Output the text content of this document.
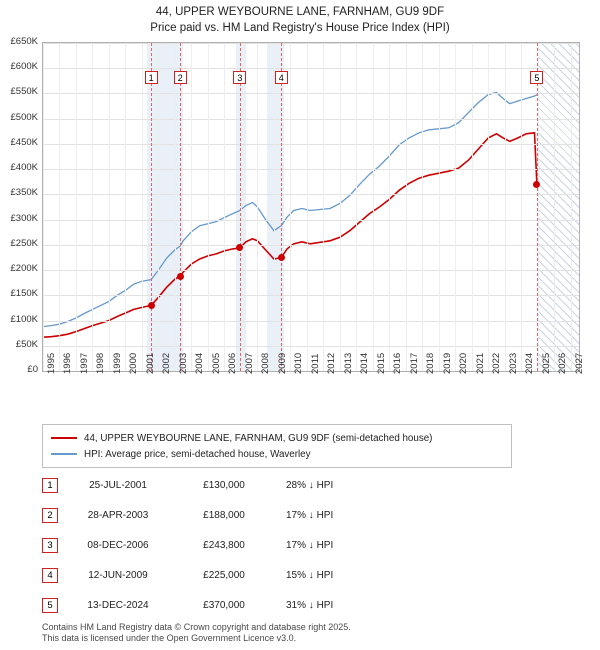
44, UPPER WEYBOURNE LANE, FARNHAM, GU9 9DF
Price paid vs. HM Land Registry's House Price Index (HPI)
1	2	3	4	5
£0
£50K
£100K
£150K
£200K
£250K
£300K
£350K
£400K
£450K
£500K
£550K
£600K
£650K
1995 1996 1997 1998 1999 2000 2001 2002 2003 2004 2005 2006 2007 2008 2009 2010 2011 2012 2013 2014 2015 2016 2017 2018 2019 2020 2021 2022 2023 2024 2025 2026 2027
44, UPPER WEYBOURNE LANE, FARNHAM, GU9 9DF (semi-detached house)
HPI: Average price, semi-detached house, Waverley
1	25-JUL-2001	£130,000	28% ↓ HPI
2	28-APR-2003	£188,000	17% ↓ HPI
3	08-DEC-2006	£243,800	17% ↓ HPI
4	12-JUN-2009	£225,000	15% ↓ HPI
5	13-DEC-2024	£370,000	31% ↓ HPI
Contains HM Land Registry data © Crown copyright and database right 2025.
This data is licensed under the Open Government Licence v3.0.
